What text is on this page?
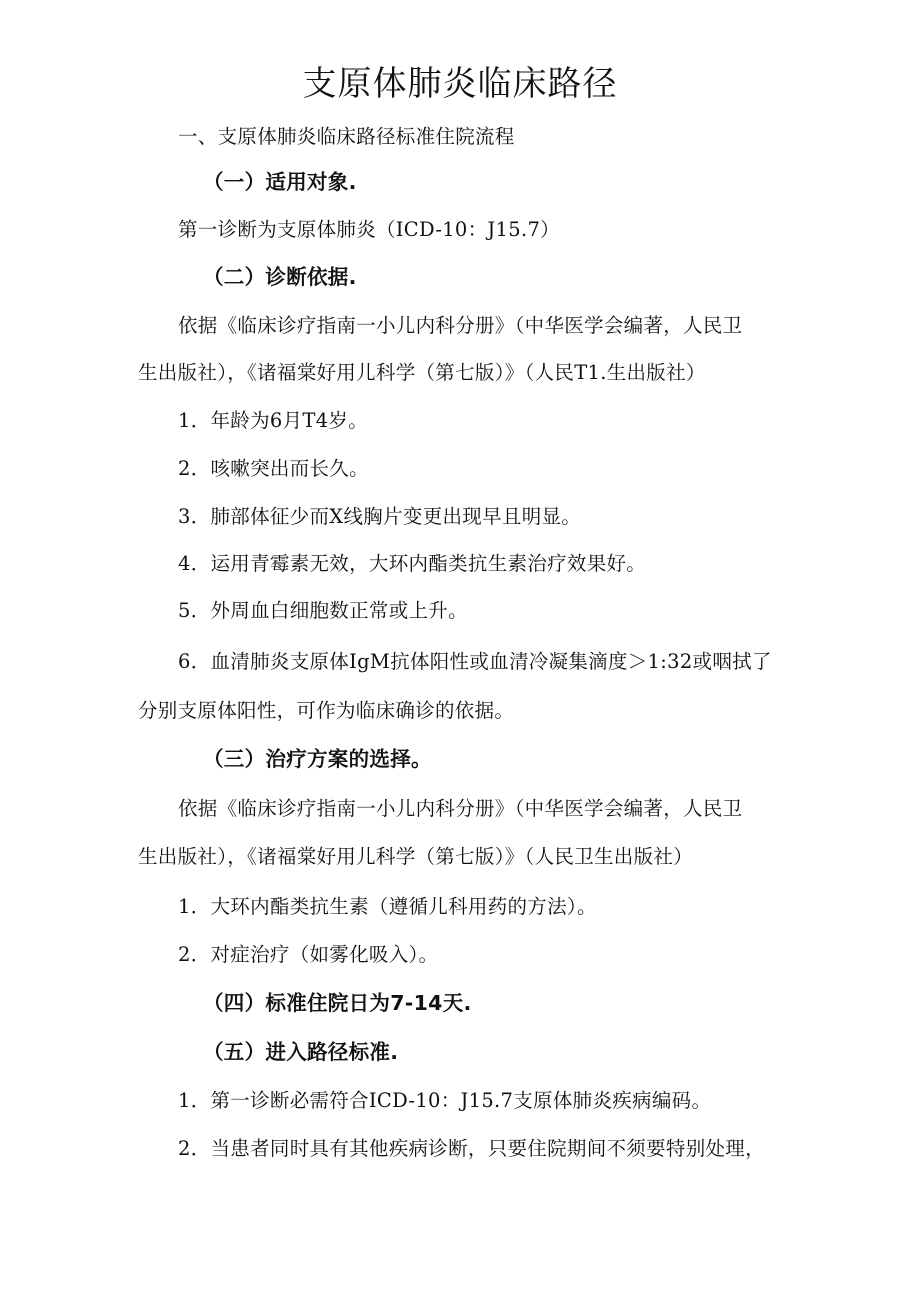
支原体肺炎临床路径
一、支原体肺炎临床路径标准住院流程
（一）适用对象.
第一诊断为支原体肺炎（ICD-10：J15.7）
（二）诊断依据.
依据《临床诊疗指南一小儿内科分册》（中华医学会编著，人民卫
生出版社），《诸福棠好用儿科学（第七版）》（人民T1.生出版社）
1．年龄为6月T4岁。
2．咳嗽突出而长久。
3．肺部体征少而X线胸片变更出现早且明显。
4．运用青霉素无效，大环内酯类抗生素治疗效果好。
5．外周血白细胞数正常或上升。
6．血清肺炎支原体IgM抗体阳性或血清冷凝集滴度＞1:32或咽拭了
分别支原体阳性，可作为临床确诊的依据。
（三）治疗方案的选择。
依据《临床诊疗指南一小儿内科分册》（中华医学会编著，人民卫
生出版社），《诸福棠好用儿科学（第七版）》（人民卫生出版社）
1．大环内酯类抗生素（遵循儿科用药的方法）。
2．对症治疗（如雾化吸入）。
（四）标准住院日为7-14天.
（五）进入路径标准.
1．第一诊断必需符合ICD-10：J15.7支原体肺炎疾病编码。
2．当患者同时具有其他疾病诊断，只要住院期间不须要特别处理，
